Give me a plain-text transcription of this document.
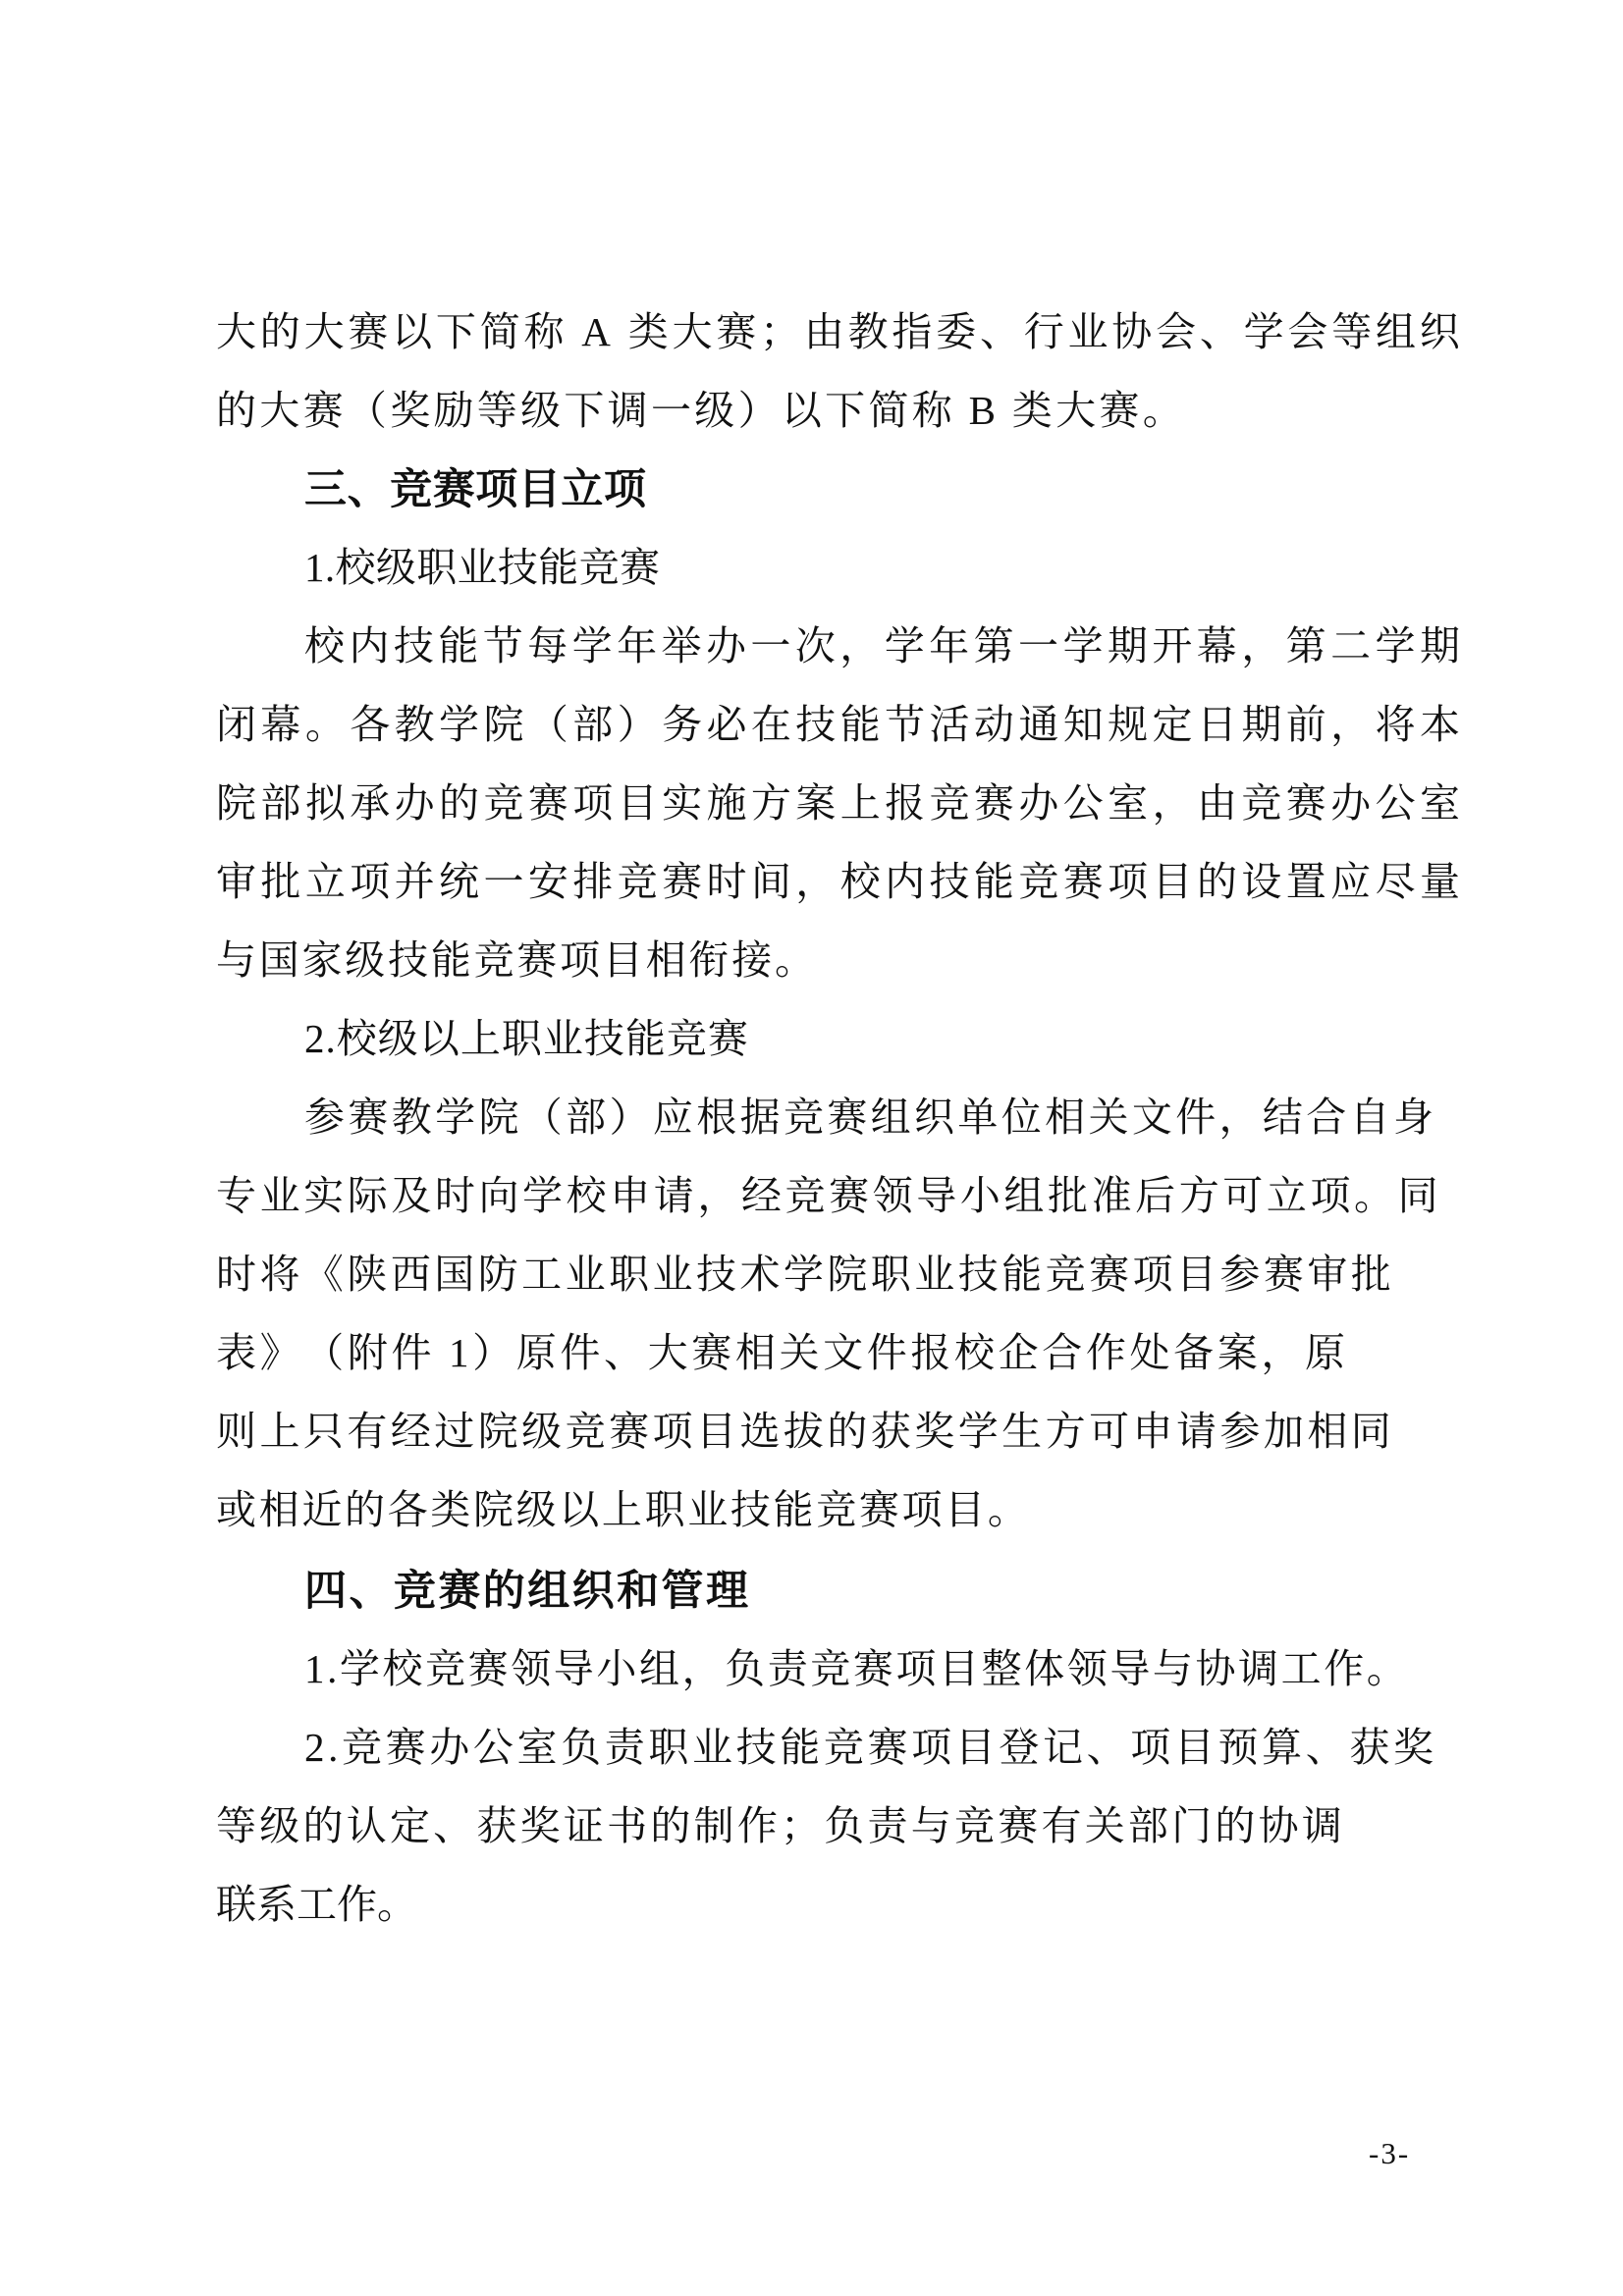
大 的 大 赛 以 下 简 称
A
类 大 赛 ； 由 教 指 委 、 行 业 协 会 、 学 会 等 组 织
的 大 赛 （ 奖 励 等 级 下 调 一 级 ） 以 下 简 称
B
类 大 赛 。
三 、 竞 赛 项 目 立 项
1 . 校 级 职 业 技 能 竞 赛
校 内 技 能 节 每 学 年 举 办 一 次 ， 学 年 第 一 学 期 开 幕 ， 第 二 学 期
闭 幕 。 各 教 学 院 （ 部 ） 务 必 在 技 能 节 活 动 通 知 规 定 日 期 前 ， 将 本
院 部 拟 承 办 的 竞 赛 项 目 实 施 方 案 上 报 竞 赛 办 公 室 ， 由 竞 赛 办 公 室
审 批 立 项 并 统 一 安 排 竞 赛 时 间 ， 校 内 技 能 竞 赛 项 目 的 设 置 应 尽 量
与 国 家 级 技 能 竞 赛 项 目 相 衔 接 。
2 . 校 级 以 上 职 业 技 能 竞 赛
参 赛 教 学 院 （ 部 ） 应 根 据 竞 赛 组 织 单 位 相 关 文 件 ， 结 合 自 身
专 业 实 际 及 时 向 学 校 申 请 ， 经 竞 赛 领 导 小 组 批 准 后 方 可 立 项 。 同
时 将 《 陕 西 国 防 工 业 职 业 技 术 学 院 职 业 技 能 竞 赛 项 目 参 赛 审 批
表 》 （ 附 件
1 ） 原 件 、 大 赛 相 关 文 件 报 校 企 合 作 处 备 案 ， 原
则 上 只 有 经 过 院 级 竞 赛 项 目 选 拔 的 获 奖 学 生 方 可 申 请 参 加 相 同
或 相 近 的 各 类 院 级 以 上 职 业 技 能 竞 赛 项 目 。
四 、 竞 赛 的 组 织 和 管 理
1 . 学 校 竞 赛 领 导 小 组 ， 负 责 竞 赛 项 目 整 体 领 导 与 协 调 工 作 。
2 . 竞 赛 办 公 室 负 责 职 业 技 能 竞 赛 项 目 登 记 、 项 目 预 算 、 获 奖
等 级 的 认 定 、 获 奖 证 书 的 制 作 ； 负 责 与 竞 赛 有 关 部 门 的 协 调
联 系 工 作 。
-3-
